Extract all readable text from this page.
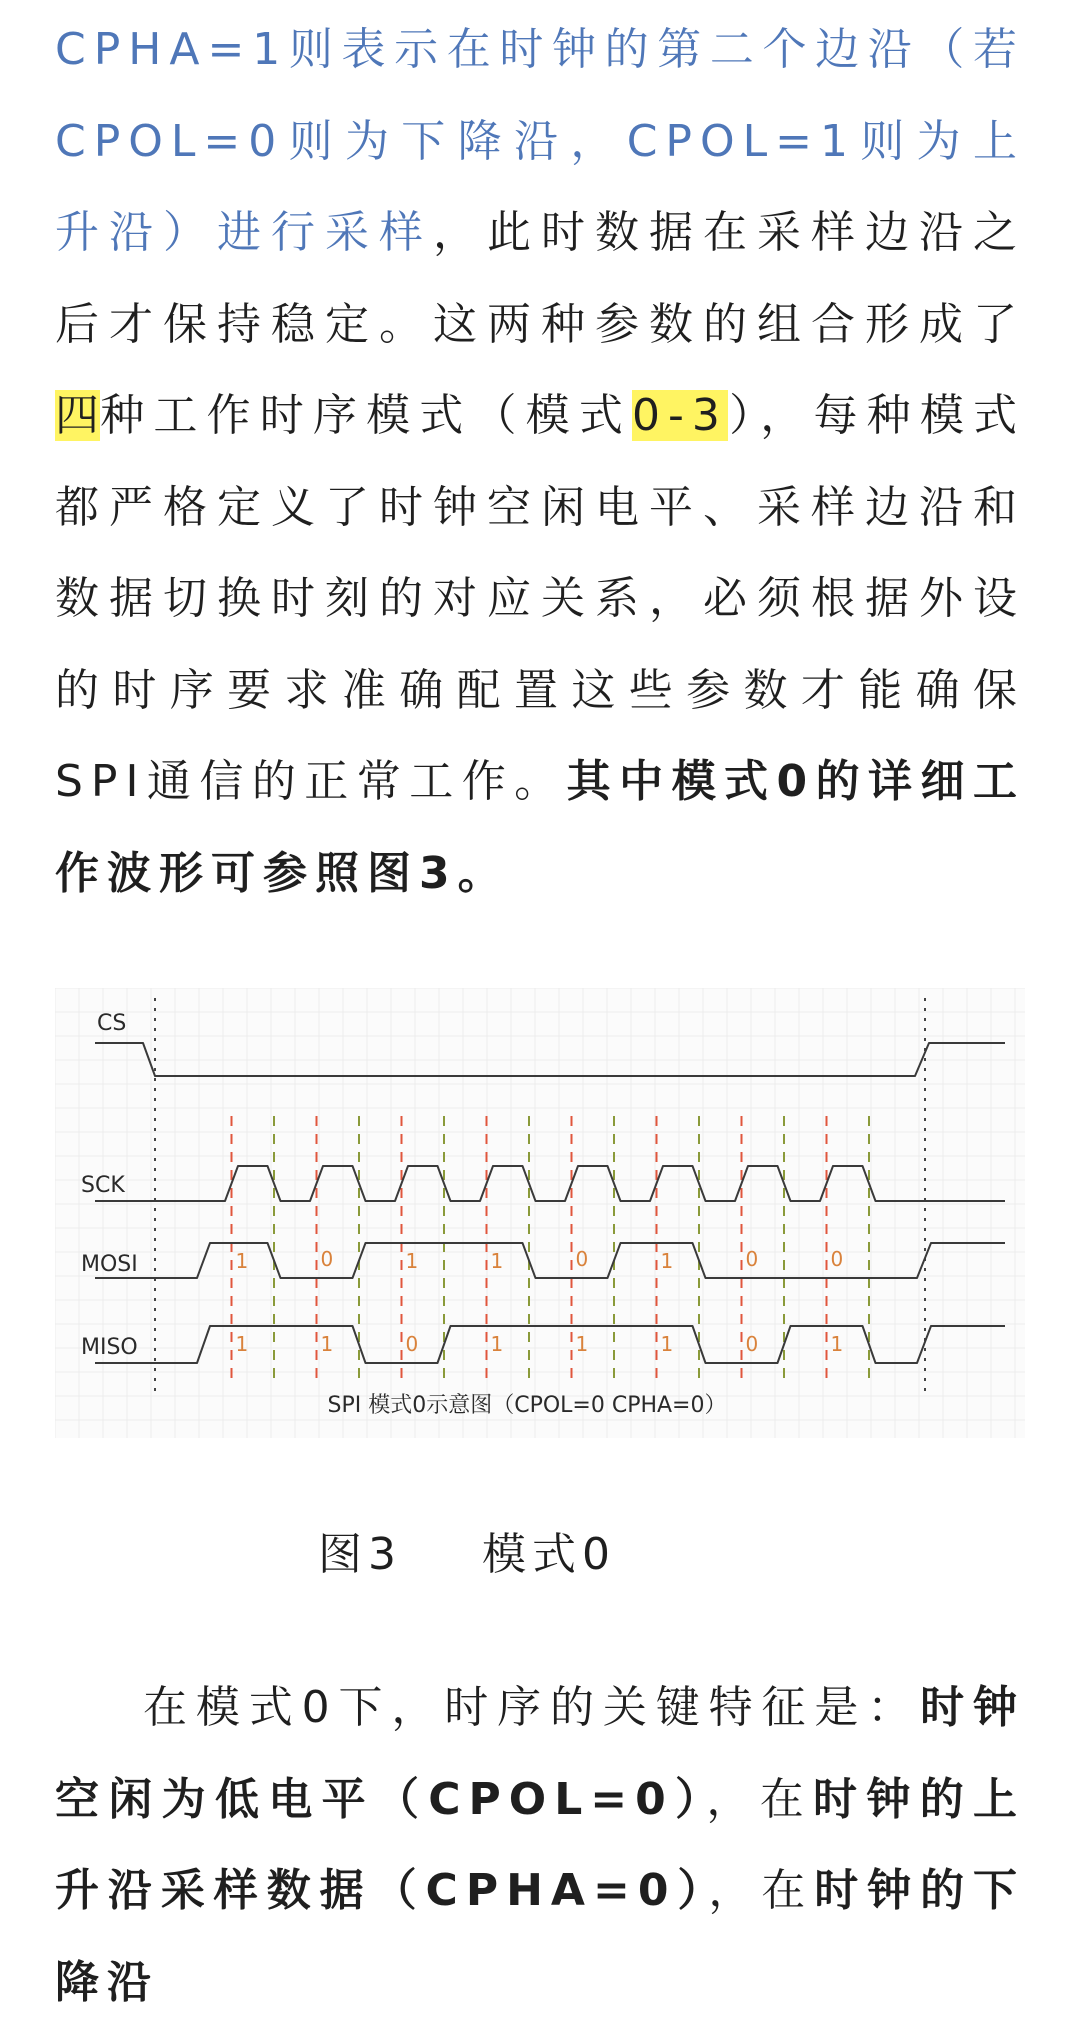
CPHA=1则表示在时钟的第二个边沿（若CPOL=0则为下降沿，CPOL=1则为上升沿）进行采样，此时数据在采样边沿之后才保持稳定。这两种参数的组合形成了四种工作时序模式（模式0-3），每种模式都严格定义了时钟空闲电平、采样边沿和数据切换时刻的对应关系，必须根据外设的时序要求准确配置这些参数才能确保SPI通信的正常工作。其中模式0的详细工作波形可参照图3。

CS
SCK
MOSI
MISO
1	0	1	1	0	1	0	0
1	1	0	1	1	1	0	1
SPI 模式0示意图（CPOL=0 CPHA=0）
图3    模式0

在模式0下，时序的关键特征是：时钟空闲为低电平（CPOL=0），在时钟的上升沿采样数据（CPHA=0），在时钟的下降沿
